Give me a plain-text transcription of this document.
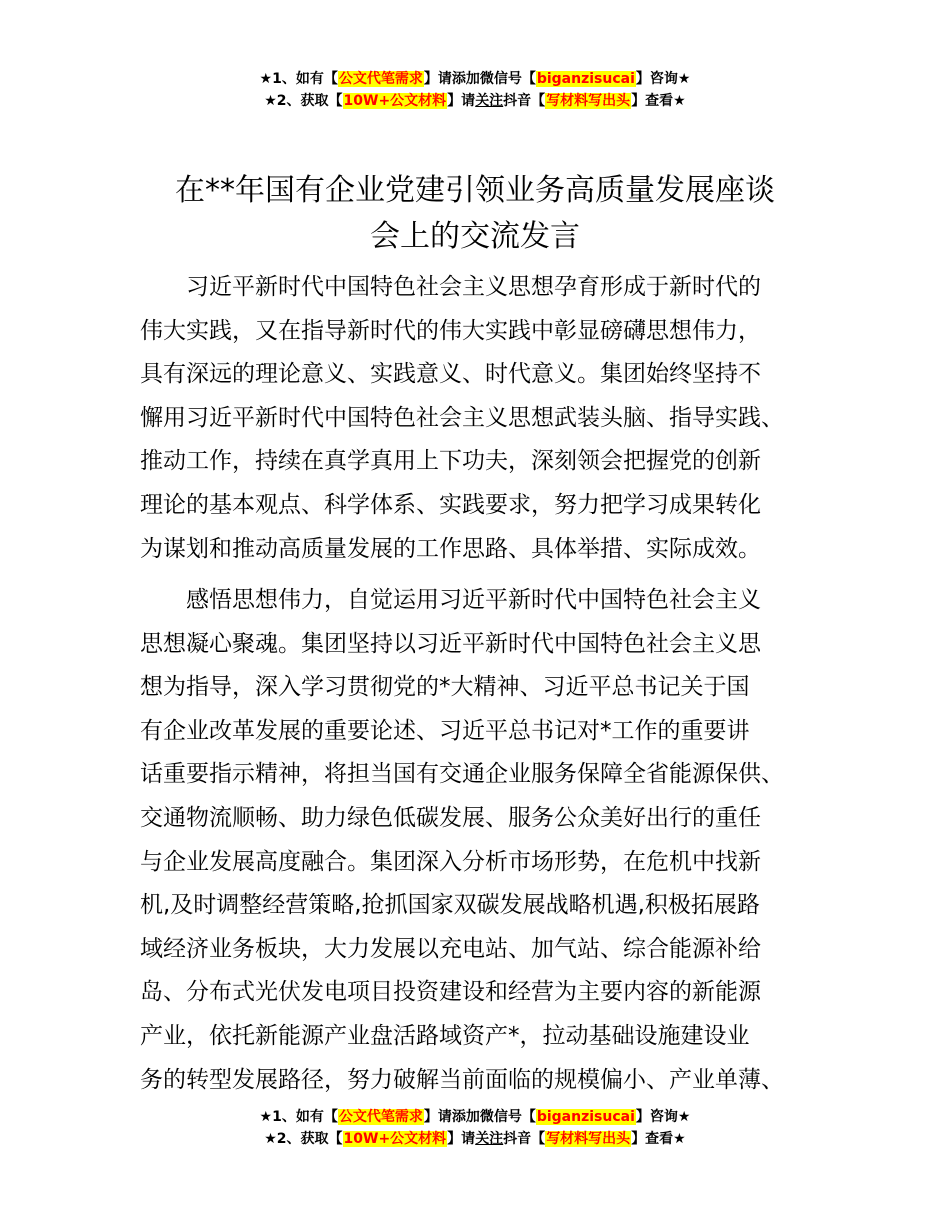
★1、如有【公文代笔需求】请添加微信号【biganzisucai】咨询★
★2、获取【10W+公文材料】请关注抖音【写材料写出头】查看★
在**年国有企业党建引领业务高质量发展座谈
会上的交流发言
　　习近平新时代中国特色社会主义思想孕育形成于新时代的
伟大实践，又在指导新时代的伟大实践中彰显磅礴思想伟力，
具有深远的理论意义、实践意义、时代意义。集团始终坚持不
懈用习近平新时代中国特色社会主义思想武装头脑、指导实践、
推动工作，持续在真学真用上下功夫，深刻领会把握党的创新
理论的基本观点、科学体系、实践要求，努力把学习成果转化
为谋划和推动高质量发展的工作思路、具体举措、实际成效。
　　感悟思想伟力，自觉运用习近平新时代中国特色社会主义
思想凝心聚魂。集团坚持以习近平新时代中国特色社会主义思
想为指导，深入学习贯彻党的*大精神、习近平总书记关于国
有企业改革发展的重要论述、习近平总书记对*工作的重要讲
话重要指示精神，将担当国有交通企业服务保障全省能源保供、
交通物流顺畅、助力绿色低碳发展、服务公众美好出行的重任
与企业发展高度融合。集团深入分析市场形势，在危机中找新
机,及时调整经营策略,抢抓国家双碳发展战略机遇,积极拓展路
域经济业务板块，大力发展以充电站、加气站、综合能源补给
岛、分布式光伏发电项目投资建设和经营为主要内容的新能源
产业，依托新能源产业盘活路域资产*，拉动基础设施建设业
务的转型发展路径，努力破解当前面临的规模偏小、产业单薄、
★1、如有【公文代笔需求】请添加微信号【biganzisucai】咨询★
★2、获取【10W+公文材料】请关注抖音【写材料写出头】查看★
